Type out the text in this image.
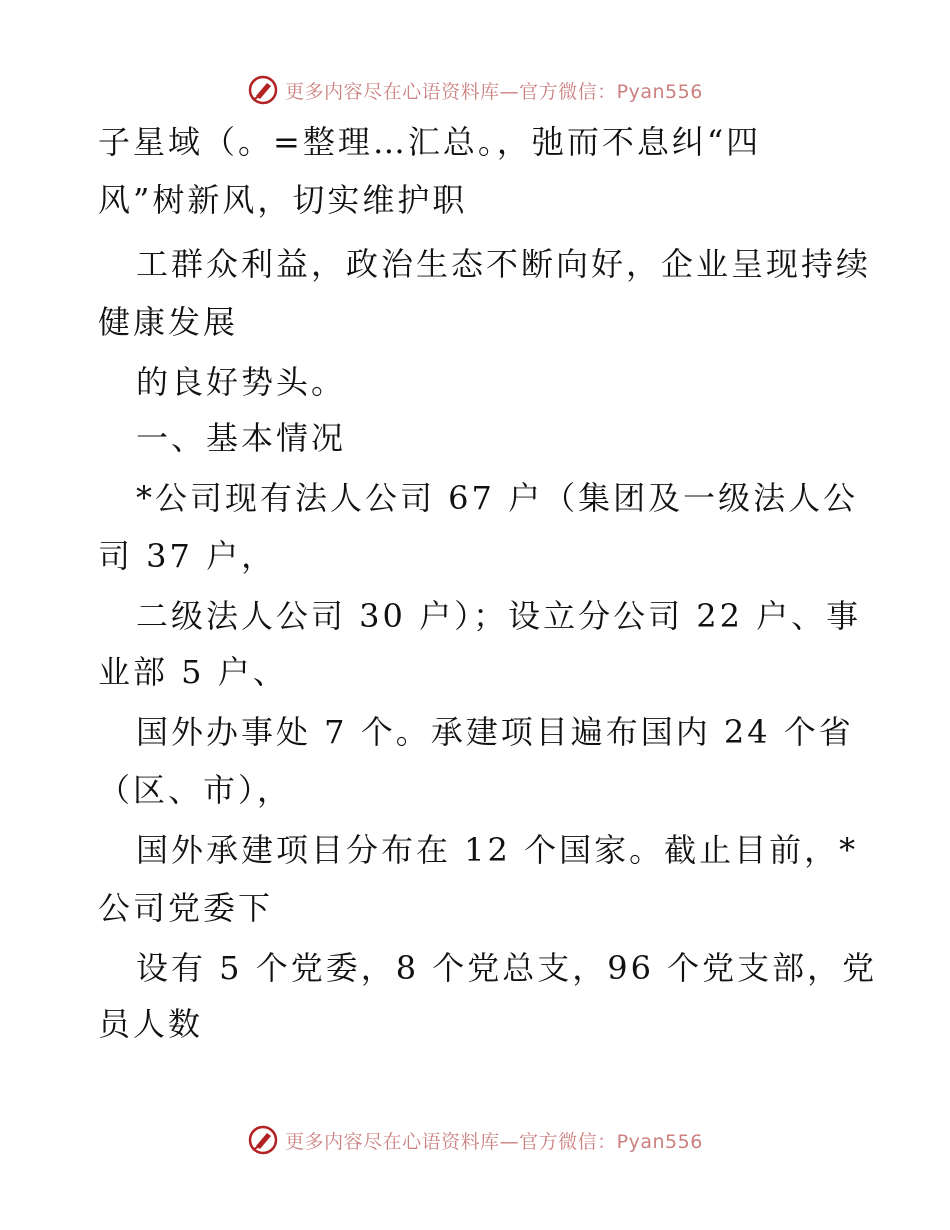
更多内容尽在心语资料库—官方微信：Pyan556
子星域（。=整理…汇总。，弛而不息纠“四
风”树新风，切实维护职
工群众利益，政治生态不断向好，企业呈现持续
健康发展
的良好势头。
一、基本情况
*公司现有法人公司 67 户（集团及一级法人公
司 37 户，
二级法人公司 30 户）；设立分公司 22 户、事
业部 5 户、
国外办事处 7 个。承建项目遍布国内 24 个省
（区、市），
国外承建项目分布在 12 个国家。截止目前，*
公司党委下
设有 5 个党委，8 个党总支，96 个党支部，党
员人数
更多内容尽在心语资料库—官方微信：Pyan556
